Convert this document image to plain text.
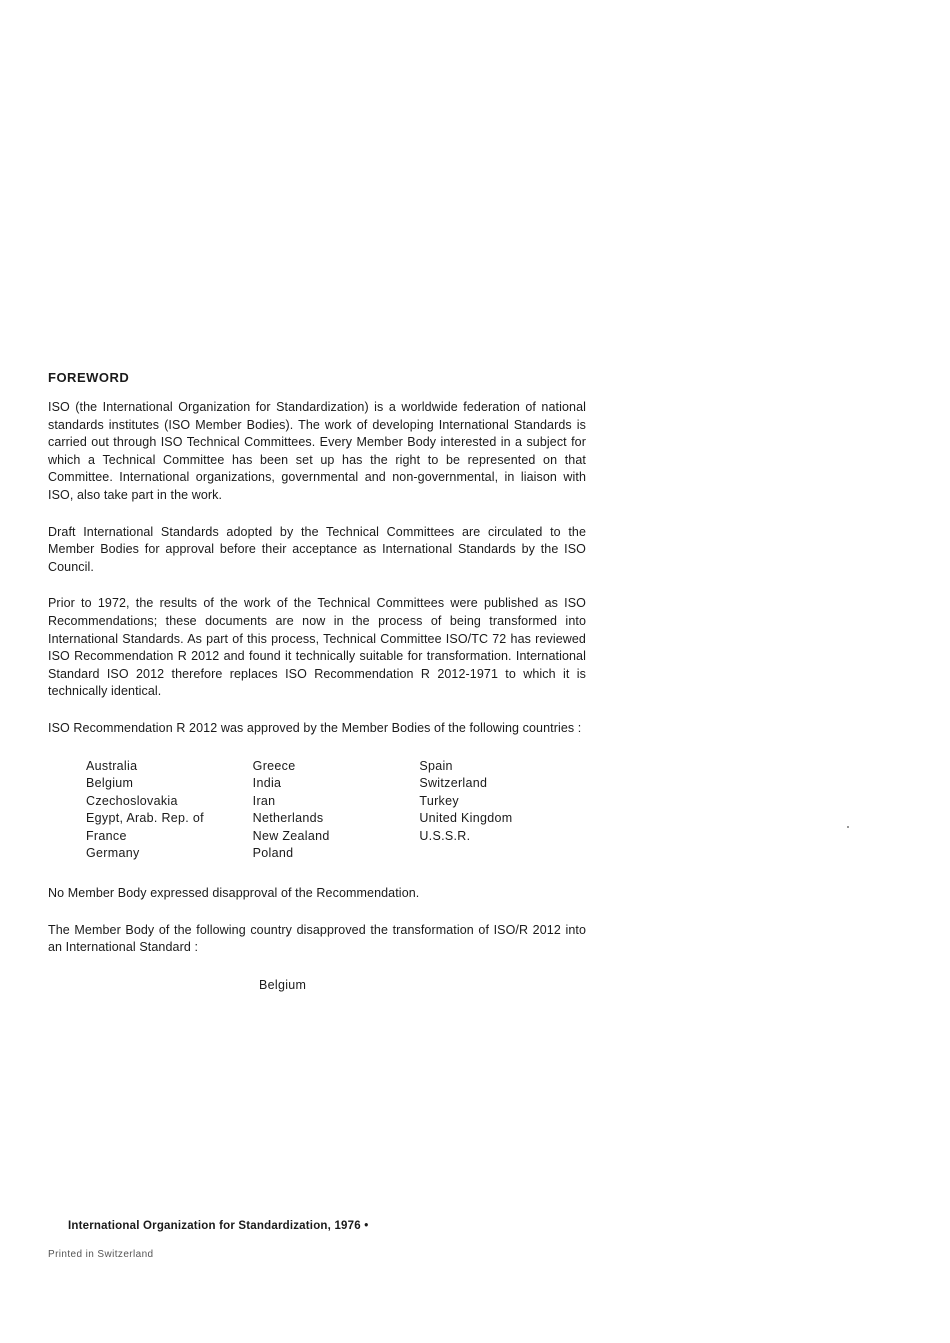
FOREWORD

ISO (the International Organization for Standardization) is a worldwide federation of national standards institutes (ISO Member Bodies). The work of developing International Standards is carried out through ISO Technical Committees. Every Member Body interested in a subject for which a Technical Committee has been set up has the right to be represented on that Committee. International organizations, governmental and non-governmental, in liaison with ISO, also take part in the work.

Draft International Standards adopted by the Technical Committees are circulated to the Member Bodies for approval before their acceptance as International Standards by the ISO Council.

Prior to 1972, the results of the work of the Technical Committees were published as ISO Recommendations; these documents are now in the process of being transformed into International Standards. As part of this process, Technical Committee ISO/TC 72 has reviewed ISO Recommendation R 2012 and found it technically suitable for transformation. International Standard ISO 2012 therefore replaces ISO Recommendation R 2012-1971 to which it is technically identical.

ISO Recommendation R 2012 was approved by the Member Bodies of the following countries :

Australia
Belgium
Czechoslovakia
Egypt, Arab. Rep. of
France
Germany
Greece
India
Iran
Netherlands
New Zealand
Poland
Spain
Switzerland
Turkey
United Kingdom
U.S.S.R.

No Member Body expressed disapproval of the Recommendation.

The Member Body of the following country disapproved the transformation of ISO/R 2012 into an International Standard :

Belgium
International Organization for Standardization, 1976 •
Printed in Switzerland
